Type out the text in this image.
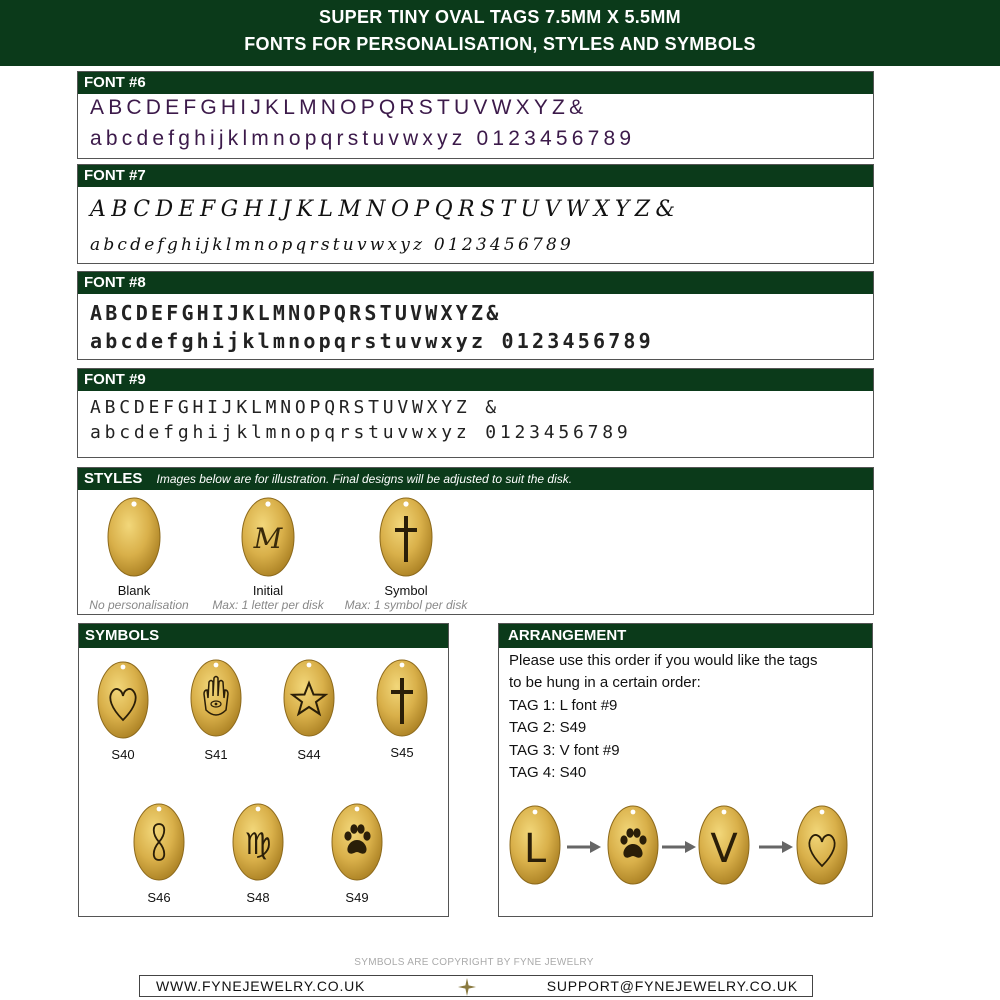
SUPER TINY OVAL TAGS 7.5MM X 5.5MM
FONTS FOR PERSONALISATION, STYLES AND SYMBOLS
FONT #6
ABCDEFGHIJKLMNOPQRSTUVWXYZ&
abcdefghijklmnopqrstuvwxyz 0123456789
FONT #7
ABCDEFGHIJKLMNOPQRSTUVWXYZ&
abcdefghijklmnopqrstuvwxyz 0123456789
FONT #8
ABCDEFGHIJKLMNOPQRSTUVWXYZ&
abcdefghijklmnopqrstuvwxyz 0123456789
FONT #9
ABCDEFGHIJKLMNOPQRSTUVWXYZ &
abcdefghijklmnopqrstuvwxyz 0123456789
STYLES Images below are for illustration. Final designs will be adjusted to suit the disk.
Blank
No personalisation
M
Initial
Max: 1 letter per disk
Symbol
Max: 1 symbol per disk
SYMBOLS
S40	S41	S44	S45
S46
♍
S48	S49
ARRANGEMENT
Please use this order if you would like the tags
to be hung in a certain order:
TAG 1: L font #9
TAG 2: S49
TAG 3: V font #9
TAG 4: S40
L	V
SYMBOLS ARE COPYRIGHT BY FYNE JEWELRY
WWW.FYNEJEWELRY.CO.UK	SUPPORT@FYNEJEWELRY.CO.UK
